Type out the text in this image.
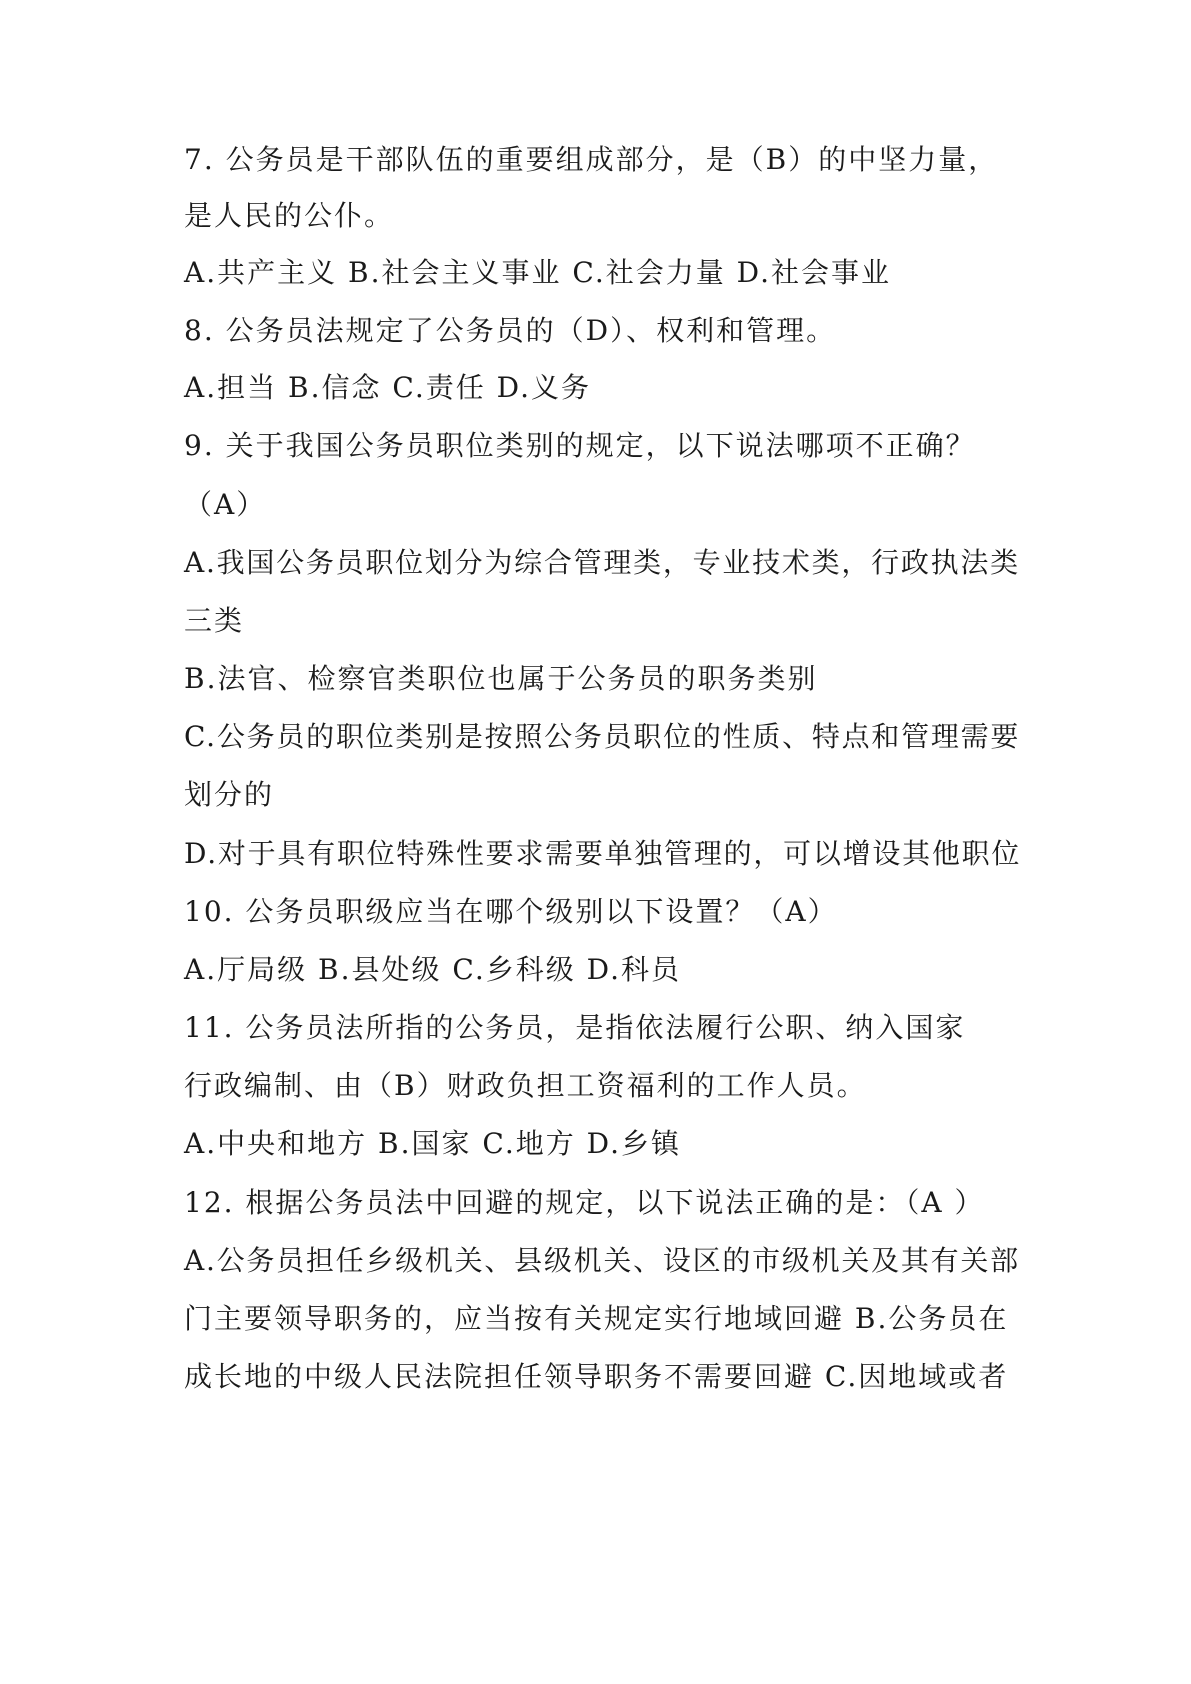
7. 公务员是干部队伍的重要组成部分，是（B）的中坚力量，
是人民的公仆。
A.共产主义 B.社会主义事业 C.社会力量 D.社会事业
8. 公务员法规定了公务员的（D）、权利和管理。
A.担当 B.信念 C.责任 D.义务
9. 关于我国公务员职位类别的规定，以下说法哪项不正确？
（A）
A.我国公务员职位划分为综合管理类，专业技术类，行政执法类
三类
B.法官、检察官类职位也属于公务员的职务类别
C.公务员的职位类别是按照公务员职位的性质、特点和管理需要
划分的
D.对于具有职位特殊性要求需要单独管理的，可以增设其他职位
10. 公务员职级应当在哪个级别以下设置？（A）
A.厅局级 B.县处级 C.乡科级 D.科员
11. 公务员法所指的公务员，是指依法履行公职、纳入国家
行政编制、由（B）财政负担工资福利的工作人员。
A.中央和地方 B.国家 C.地方 D.乡镇
12. 根据公务员法中回避的规定，以下说法正确的是：（A ）
A.公务员担任乡级机关、县级机关、设区的市级机关及其有关部
门主要领导职务的，应当按有关规定实行地域回避 B.公务员在
成长地的中级人民法院担任领导职务不需要回避 C.因地域或者
